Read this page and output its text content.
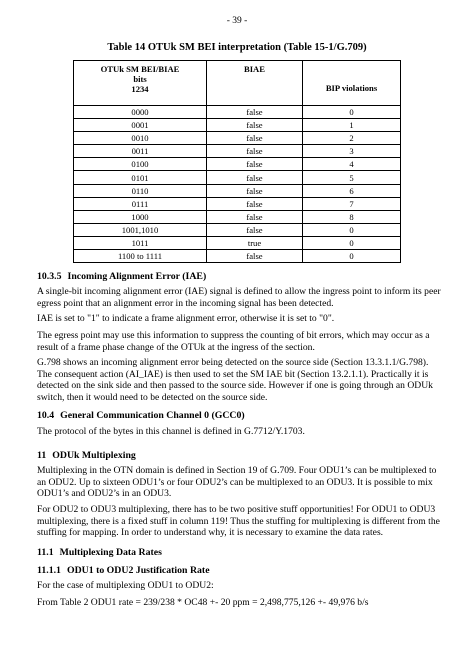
- 39 -
Table 14 OTUk SM BEI interpretation (Table 15-1/G.709)
OTUk SM BEI/BIAE
bits
1234	BIAE	BIP violations
0000	false	0
0001	false	1
0010	false	2
0011	false	3
0100	false	4
0101	false	5
0110	false	6
0111	false	7
1000	false	8
1001,1010	false	0
1011	true	0
1100 to 1111	false	0

10.3.5 Incoming Alignment Error (IAE)

A single-bit incoming alignment error (IAE) signal is defined to allow the ingress point to inform its peer egress point that an alignment error in the incoming signal has been detected.

IAE is set to "1" to indicate a frame alignment error, otherwise it is set to "0".

The egress point may use this information to suppress the counting of bit errors, which may occur as a result of a frame phase change of the OTUk at the ingress of the section.

G.798 shows an incoming alignment error being detected on the source side (Section 13.3.1.1/G.798). The consequent action (AI_IAE) is then used to set the SM IAE bit (Section 13.2.1.1). Practically it is detected on the sink side and then passed to the source side. However if one is going through an ODUk switch, then it would need to be detected on the source side.

10.4 General Communication Channel 0 (GCC0)

The protocol of the bytes in this channel is defined in G.7712/Y.1703.

11 ODUk Multiplexing

Multiplexing in the OTN domain is defined in Section 19 of G.709. Four ODU1’s can be multiplexed to an ODU2. Up to sixteen ODU1’s or four ODU2’s can be multiplexed to an ODU3. It is possible to mix ODU1’s and ODU2’s in an ODU3.

For ODU2 to ODU3 multiplexing, there has to be two positive stuff opportunities! For ODU1 to ODU3 multiplexing, there is a fixed stuff in column 119! Thus the stuffing for multiplexing is different from the stuffing for mapping. In order to understand why, it is necessary to examine the data rates.

11.1 Multiplexing Data Rates

11.1.1 ODU1 to ODU2 Justification Rate

For the case of multiplexing ODU1 to ODU2:

From Table 2 ODU1 rate = 239/238 * OC48 +- 20 ppm = 2,498,775,126 +- 49,976 b/s
